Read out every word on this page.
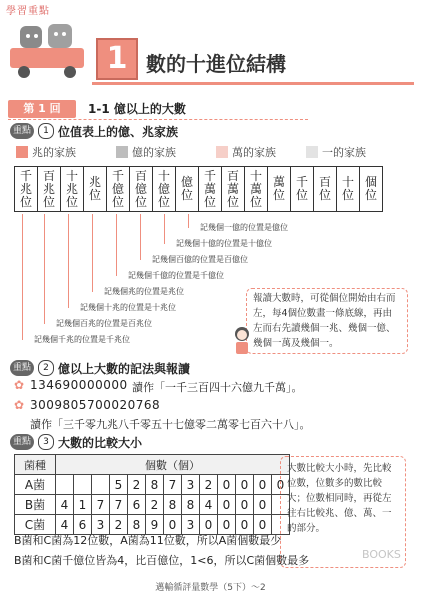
學習重點
1 數的十進位結構
第 1 回	1-1 億以上的大數
重點	1 位值表上的億、兆家族
兆的家族	億的家族	萬的家族	一的家族
千兆位	百兆位	十兆位	兆位	千億位	百億位	十億位	億位	千萬位	百萬位	十萬位	萬位	千位	百位	十位	個位
記幾個一億的位置是億位
記幾個十億的位置是十億位
記幾個百億的位置是百億位
記幾個千億的位置是千億位
記幾個兆的位置是兆位
記幾個十兆的位置是十兆位
記幾個百兆的位置是百兆位
記幾個千兆的位置是千兆位
報讀大數時，可從個位開始由右而左，每4個位數畫一條底線，再由左而右先讀幾個一兆、幾個一億、幾個一萬及幾個一。
重點	2 億以上大數的記法與報讀
✿ 134690000000 讀作「一千三百四十六億九千萬」。
✿ 3009805700020768
讀作「三千零九兆八千零五十七億零二萬零七百六十八」。
重點	3 大數的比較大小
菌種	個數（個）												
A菌				5	2	8	7	3	2	0	0	0	0
B菌	4	1	7	7	6	2	8	8	4	0	0	0	
C菌	4	6	3	2	8	9	0	3	0	0	0	0	
大數比較大小時，先比較位數，位數多的數比較大；位數相同時，再從左往右比較兆、億、萬、一的部分。
B菌和C菌為12位數，A菌為11位數，所以A菌個數最少
B菌和C菌千億位皆為4，比百億位，1<6，所以C菌個數最多	BOOKS
邁輸循評量數學（5下）～2
